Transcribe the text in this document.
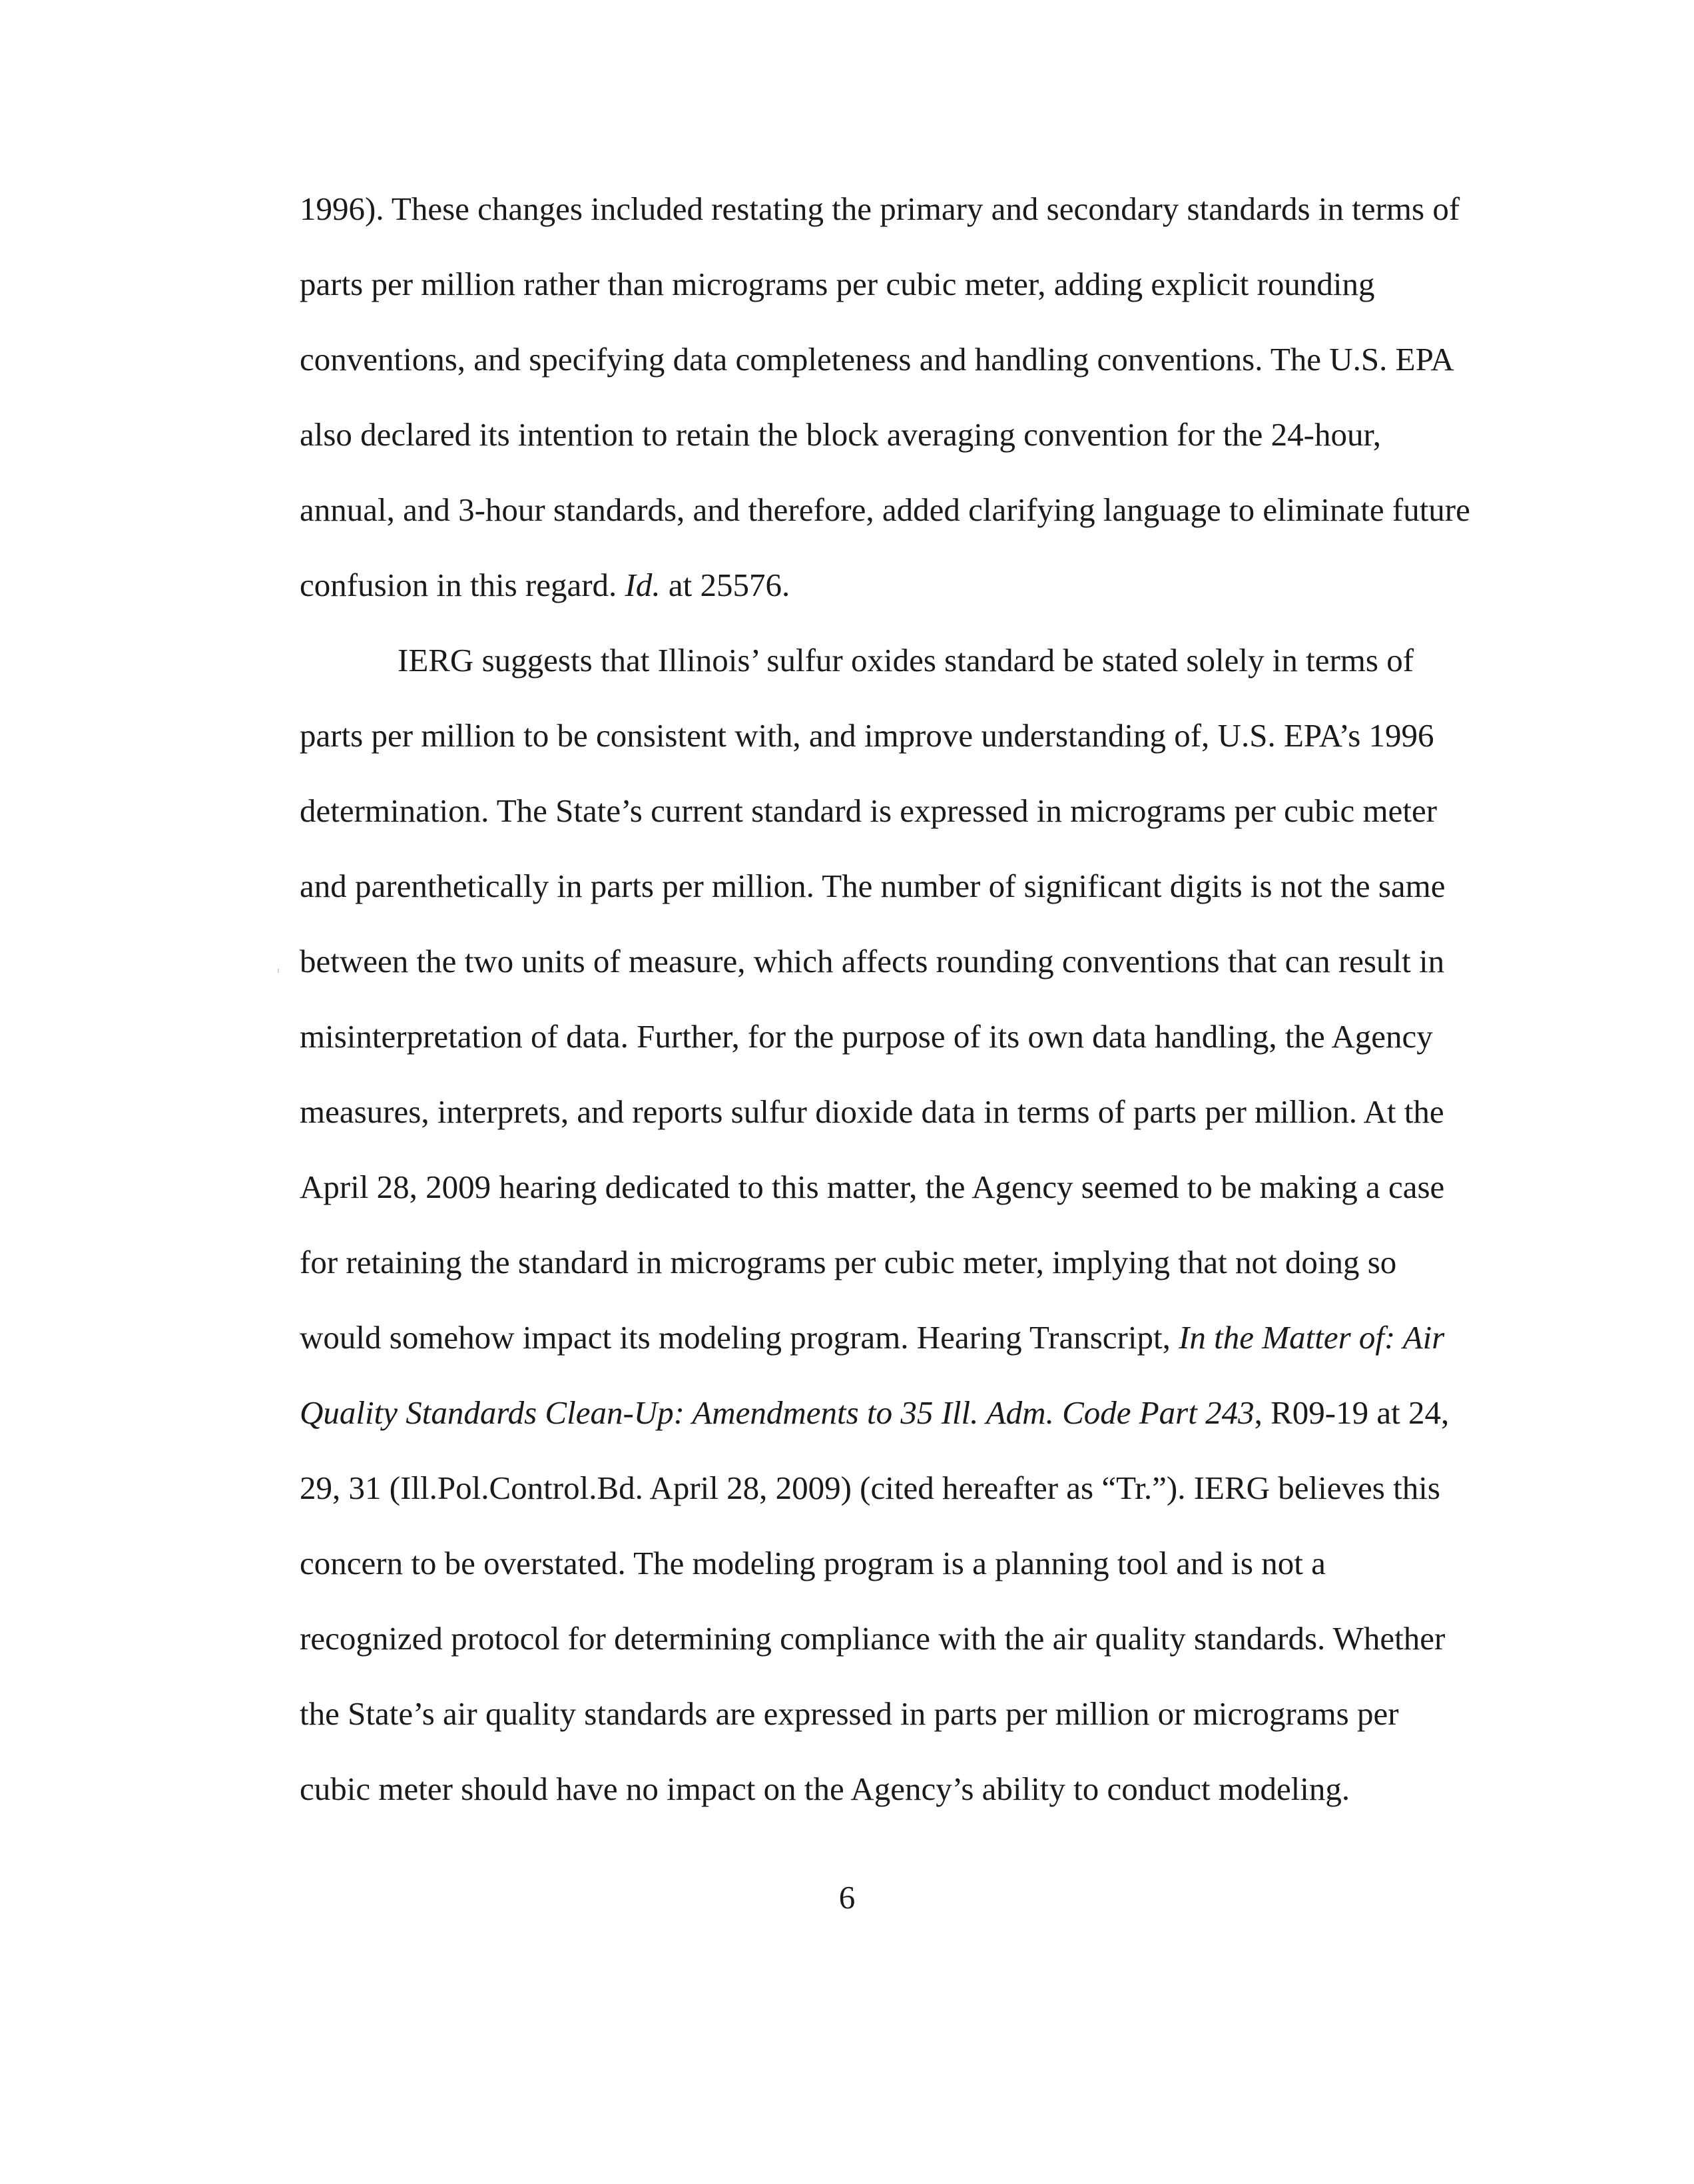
1996). These changes included restating the primary and secondary standards in terms of
parts per million rather than micrograms per cubic meter, adding explicit rounding
conventions, and specifying data completeness and handling conventions. The U.S. EPA
also declared its intention to retain the block averaging convention for the 24-hour,
annual, and 3-hour standards, and therefore, added clarifying language to eliminate future
confusion in this regard. Id. at 25576.
IERG suggests that Illinois’ sulfur oxides standard be stated solely in terms of
parts per million to be consistent with, and improve understanding of, U.S. EPA’s 1996
determination. The State’s current standard is expressed in micrograms per cubic meter
and parenthetically in parts per million. The number of significant digits is not the same
between the two units of measure, which affects rounding conventions that can result in
misinterpretation of data. Further, for the purpose of its own data handling, the Agency
measures, interprets, and reports sulfur dioxide data in terms of parts per million. At the
April 28, 2009 hearing dedicated to this matter, the Agency seemed to be making a case
for retaining the standard in micrograms per cubic meter, implying that not doing so
would somehow impact its modeling program. Hearing Transcript, In the Matter of: Air
Quality Standards Clean-Up: Amendments to 35 Ill. Adm. Code Part 243, R09-19 at 24,
29, 31 (Ill.Pol.Control.Bd. April 28, 2009) (cited hereafter as “Tr.”). IERG believes this
concern to be overstated. The modeling program is a planning tool and is not a
recognized protocol for determining compliance with the air quality standards. Whether
the State’s air quality standards are expressed in parts per million or micrograms per
cubic meter should have no impact on the Agency’s ability to conduct modeling.
6
